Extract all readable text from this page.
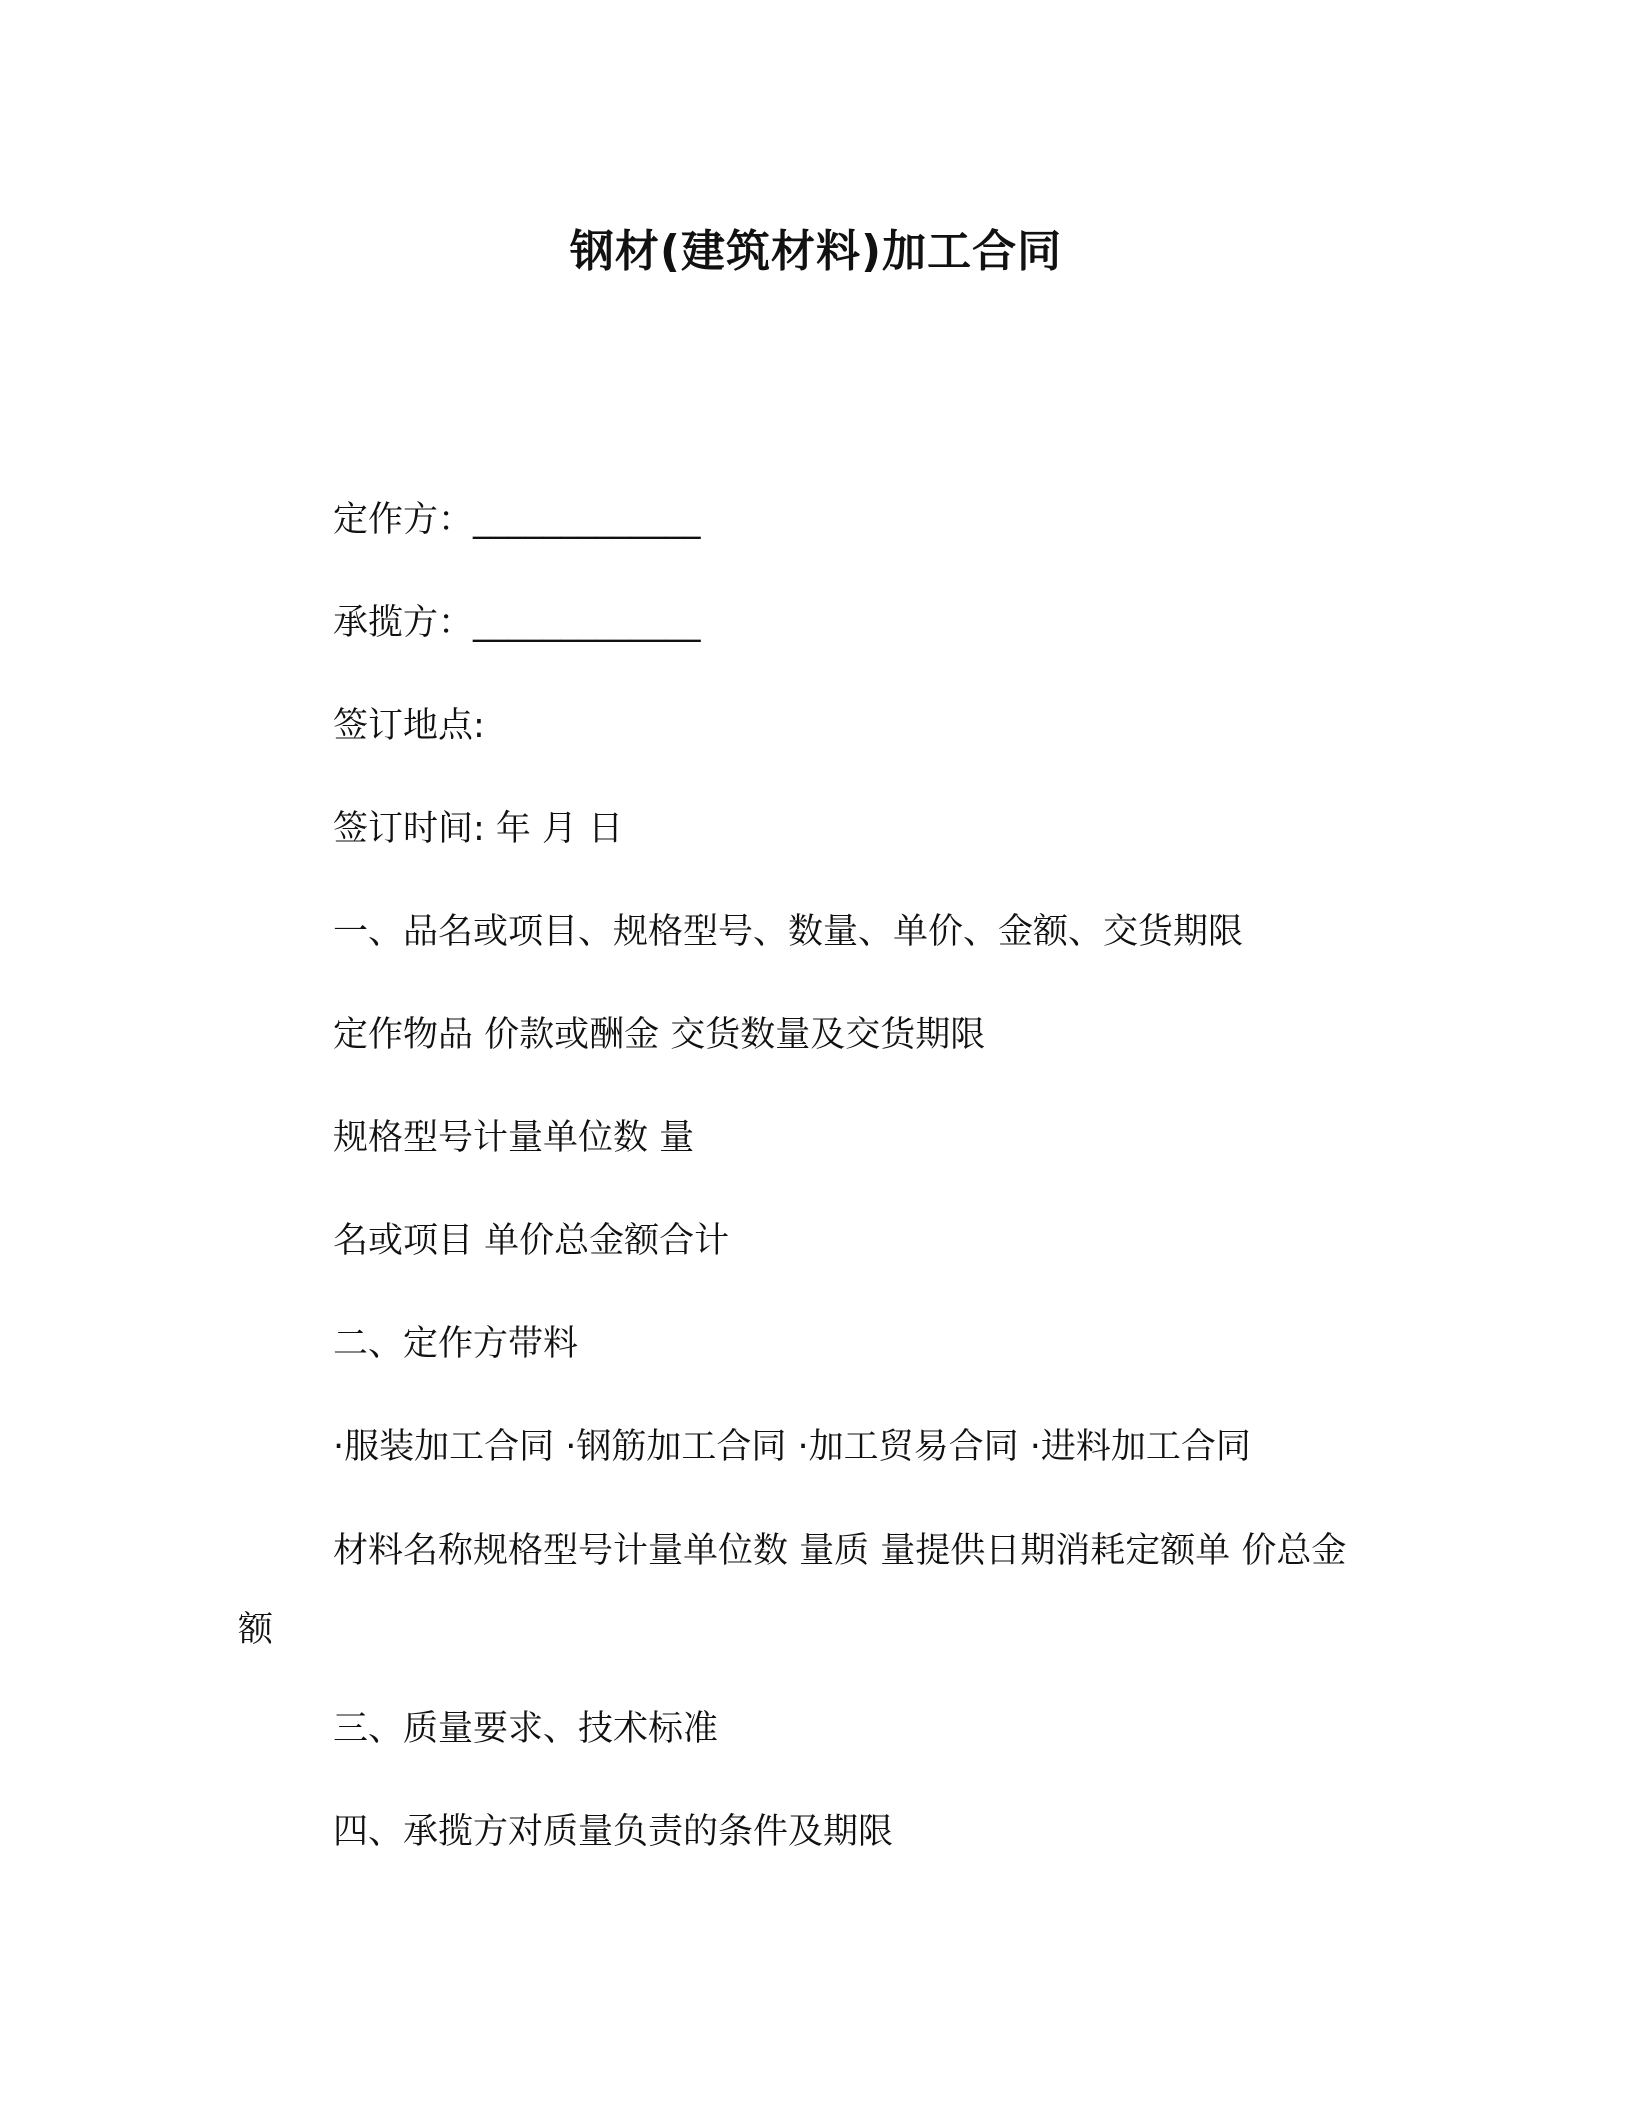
钢材(建筑材料)加工合同
定作方：_____________
承揽方：_____________
签订地点:
签订时间: 年 月 日
一、品名或项目、规格型号、数量、单价、金额、交货期限
定作物品 价款或酬金 交货数量及交货期限
规格型号计量单位数 量
名或项目 单价总金额合计
二、定作方带料
·服装加工合同 ·钢筋加工合同 ·加工贸易合同 ·进料加工合同
材料名称规格型号计量单位数 量质 量提供日期消耗定额单 价总金额
三、质量要求、技术标准
四、承揽方对质量负责的条件及期限
